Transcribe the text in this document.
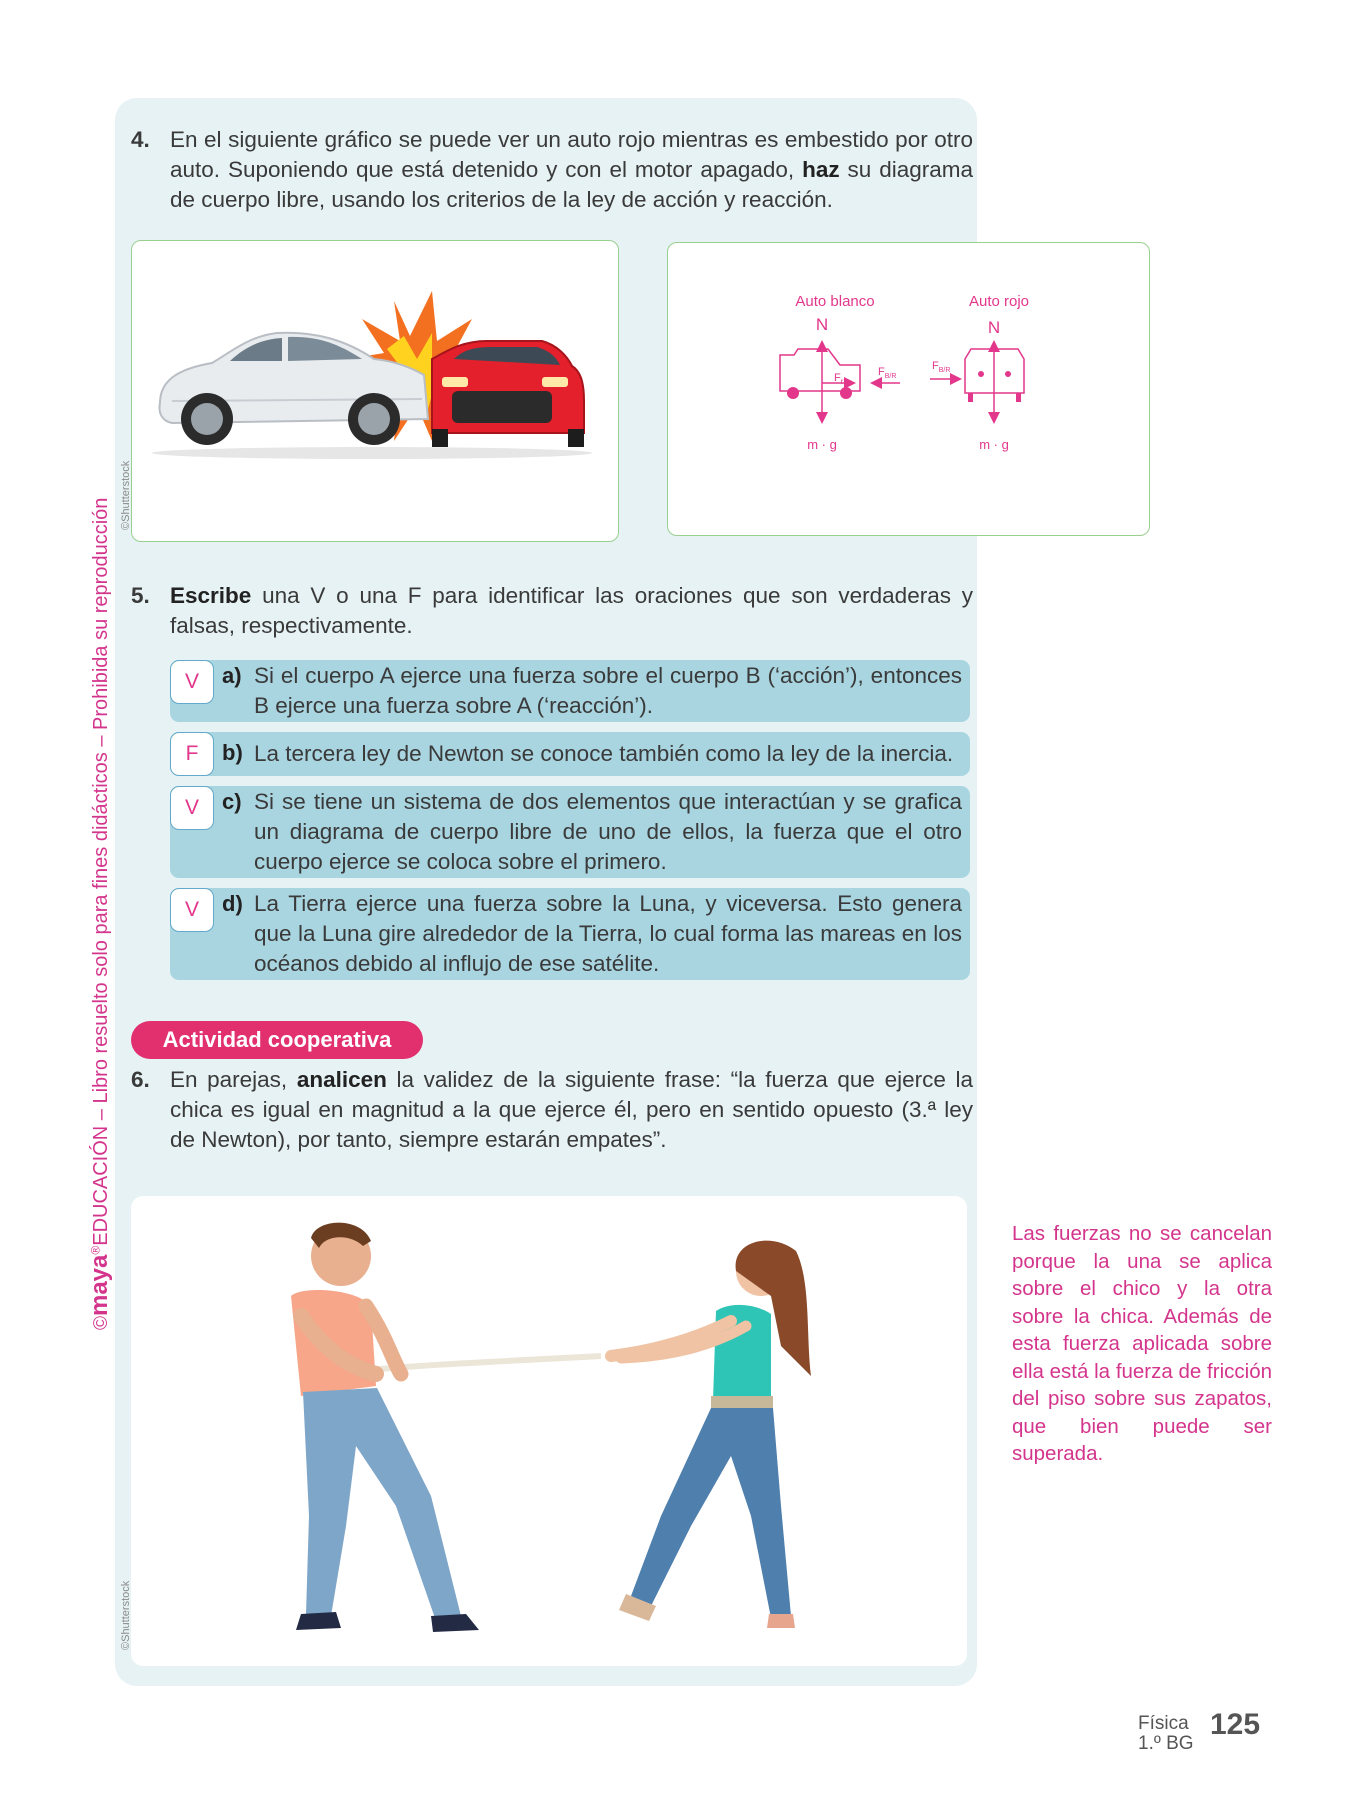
4. En el siguiente gráfico se puede ver un auto rojo mientras es embestido por otro auto. Suponiendo que está detenido y con el motor apagado, haz su diagrama de cuerpo libre, usando los criterios de la ley de acción y reacción.
©Shutterstock
Auto blanco	Auto rojo
N	N
$F_r$
$F_{B/R}$
m · g
$F_{B/R}$
m · g
5. Escribe una V o una F para identificar las oraciones que son verdaderas y falsas, respectivamente.
V	a) Si el cuerpo A ejerce una fuerza sobre el cuerpo B (‘acción’), entonces B ejerce una fuerza sobre A (‘reacción’).
F	b) La tercera ley de Newton se conoce también como la ley de la inercia.
V	c) Si se tiene un sistema de dos elementos que interactúan y se grafica un diagrama de cuerpo libre de uno de ellos, la fuerza que el otro cuerpo ejerce se coloca sobre el primero.
V	d) La Tierra ejerce una fuerza sobre la Luna, y viceversa. Esto genera que la Luna gire alrededor de la Tierra, lo cual forma las mareas en los océanos debido al influjo de ese satélite.
Actividad cooperativa
6. En parejas, analicen la validez de la siguiente frase: “la fuerza que ejerce la chica es igual en magnitud a la que ejerce él, pero en sentido opuesto (3.ª ley de Newton), por tanto, siempre estarán empates”.
©Shutterstock
Las fuerzas no se cancelan porque la una se aplica sobre el chico y la otra sobre la chica. Además de esta fuerza aplicada sobre ella está la fuerza de fricción del piso sobre sus zapatos, que bien puede ser superada.
©maya®EDUCACIÓN – Libro resuelto solo para fines didácticos – Prohibida su reproducción
Física
1.º BG
125
